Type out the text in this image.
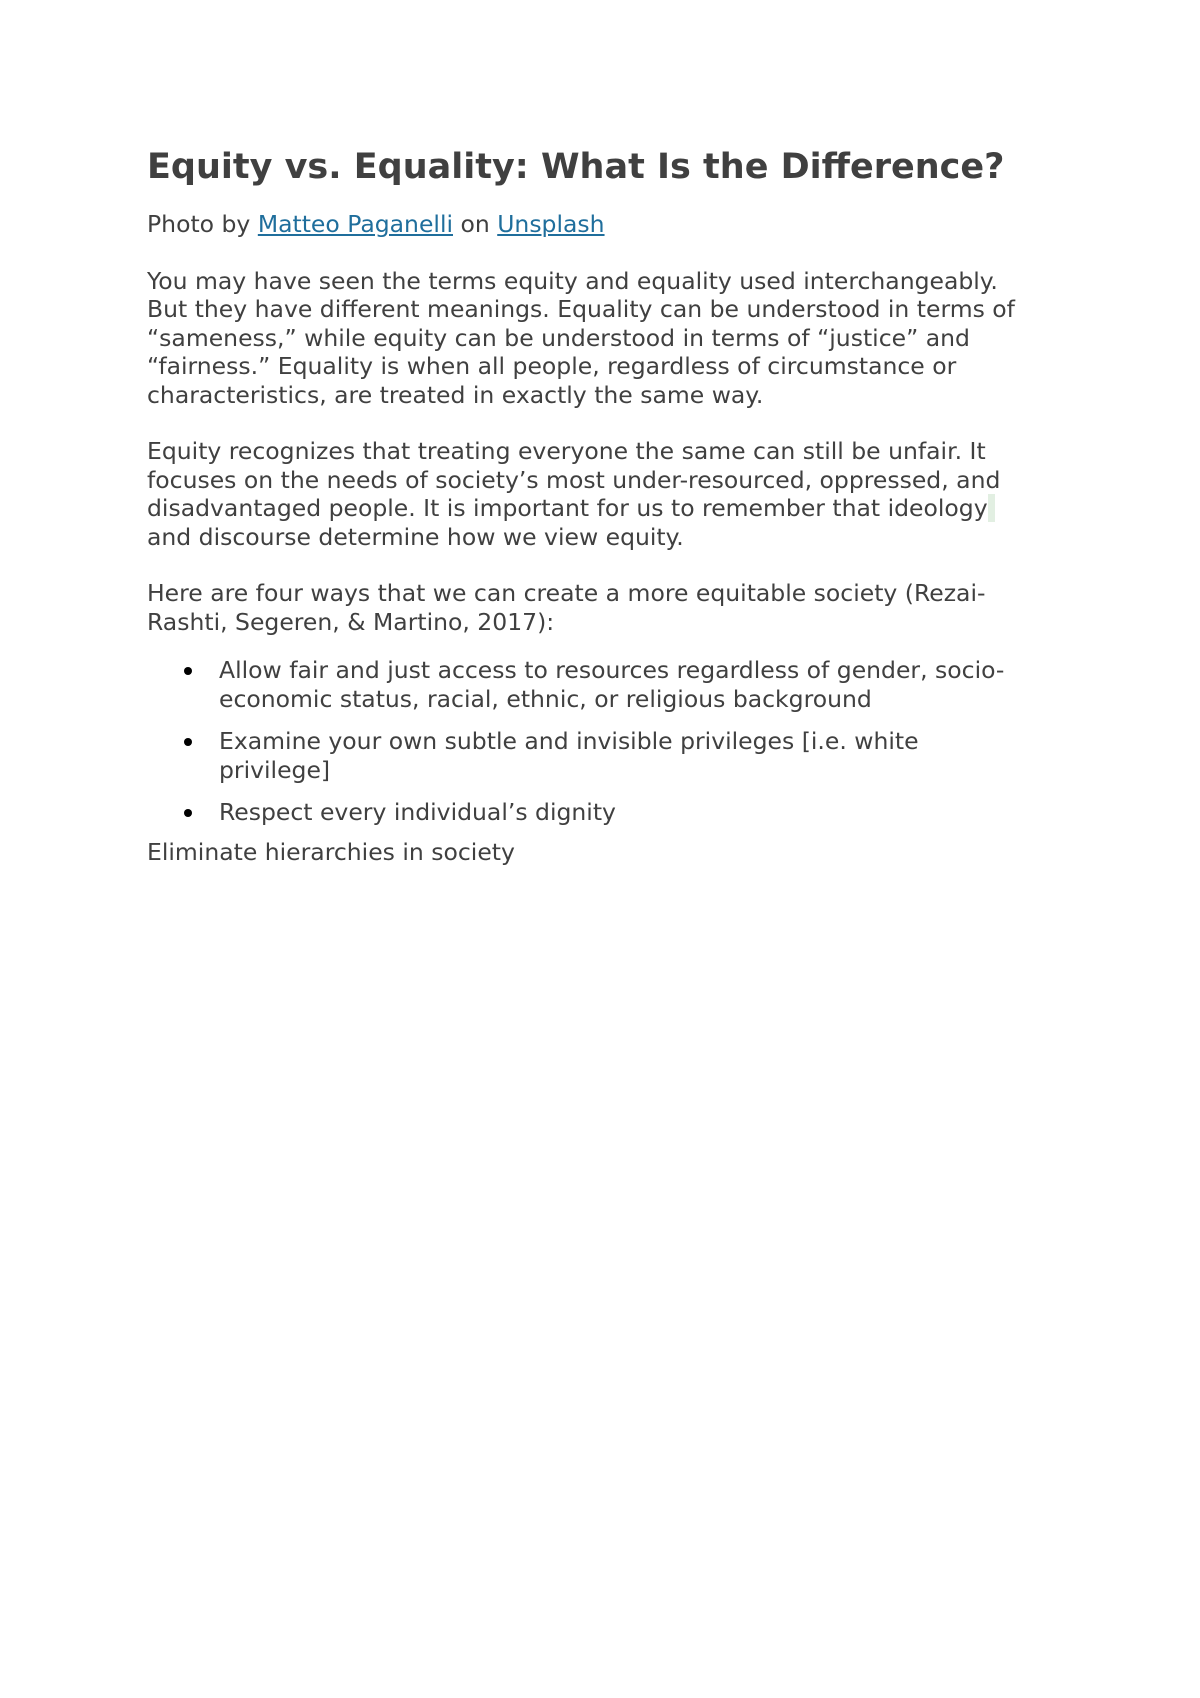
Equity vs. Equality: What Is the Difference?

Photo by Matteo Paganelli on Unsplash

You may have seen the terms equity and equality used interchangeably.
But they have different meanings. Equality can be understood in terms of
“sameness,” while equity can be understood in terms of “justice” and
“fairness.” Equality is when all people, regardless of circumstance or
characteristics, are treated in exactly the same way.

Equity recognizes that treating everyone the same can still be unfair. It
focuses on the needs of society’s most under-resourced, oppressed, and
disadvantaged people. It is important for us to remember that ideology
and discourse determine how we view equity.

Here are four ways that we can create a more equitable society (Rezai-
Rashti, Segeren, & Martino, 2017):

Allow fair and just access to resources regardless of gender, socio-
economic status, racial, ethnic, or religious background
Examine your own subtle and invisible privileges [i.e. white
privilege]
Respect every individual’s dignity

Eliminate hierarchies in society
